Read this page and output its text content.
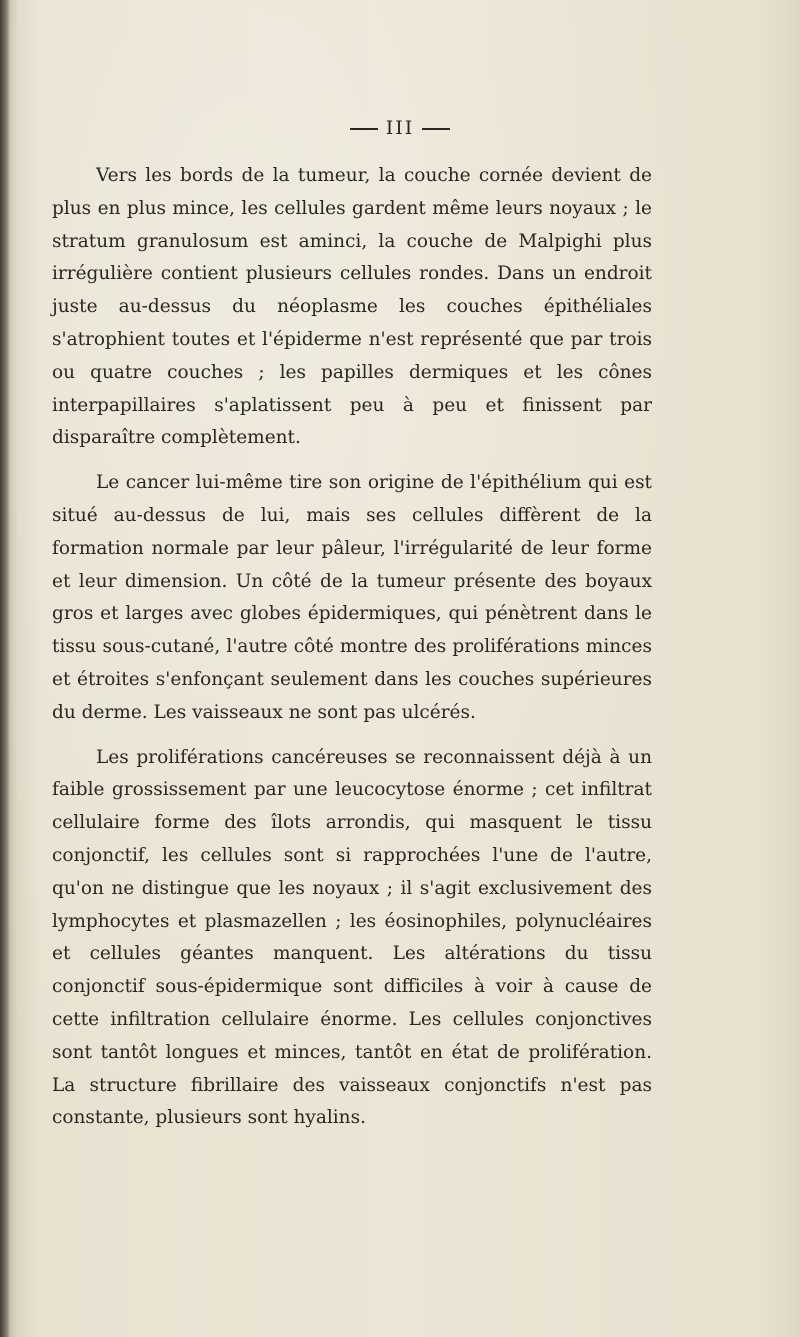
III

Vers les bords de la tumeur, la couche cornée devient de plus en plus mince, les cellules gardent même leurs noyaux ; le stratum granulosum est aminci, la couche de Malpighi plus irrégulière contient plusieurs cellules rondes. Dans un endroit juste au-dessus du néoplasme les couches épithéliales s'atrophient toutes et l'épiderme n'est représenté que par trois ou quatre couches ; les papilles dermiques et les cônes interpapillaires s'aplatissent peu à peu et finissent par disparaître complètement.

Le cancer lui-même tire son origine de l'épithélium qui est situé au-dessus de lui, mais ses cellules diffèrent de la formation normale par leur pâleur, l'irrégularité de leur forme et leur dimension. Un côté de la tumeur présente des boyaux gros et larges avec globes épidermiques, qui pénètrent dans le tissu sous-cutané, l'autre côté montre des proliférations minces et étroites s'enfonçant seulement dans les couches supérieures du derme. Les vaisseaux ne sont pas ulcérés.

Les proliférations cancéreuses se reconnaissent déjà à un faible grossissement par une leucocytose énorme ; cet infiltrat cellulaire forme des îlots arrondis, qui masquent le tissu conjonctif, les cellules sont si rapprochées l'une de l'autre, qu'on ne distingue que les noyaux ; il s'agit exclusivement des lymphocytes et plasmazellen ; les éosinophiles, polynucléaires et cellules géantes manquent. Les altérations du tissu conjonctif sous-épidermique sont difficiles à voir à cause de cette infiltration cellulaire énorme. Les cellules conjonctives sont tantôt longues et minces, tantôt en état de prolifération. La structure fibrillaire des vaisseaux conjonctifs n'est pas constante, plusieurs sont hyalins.
